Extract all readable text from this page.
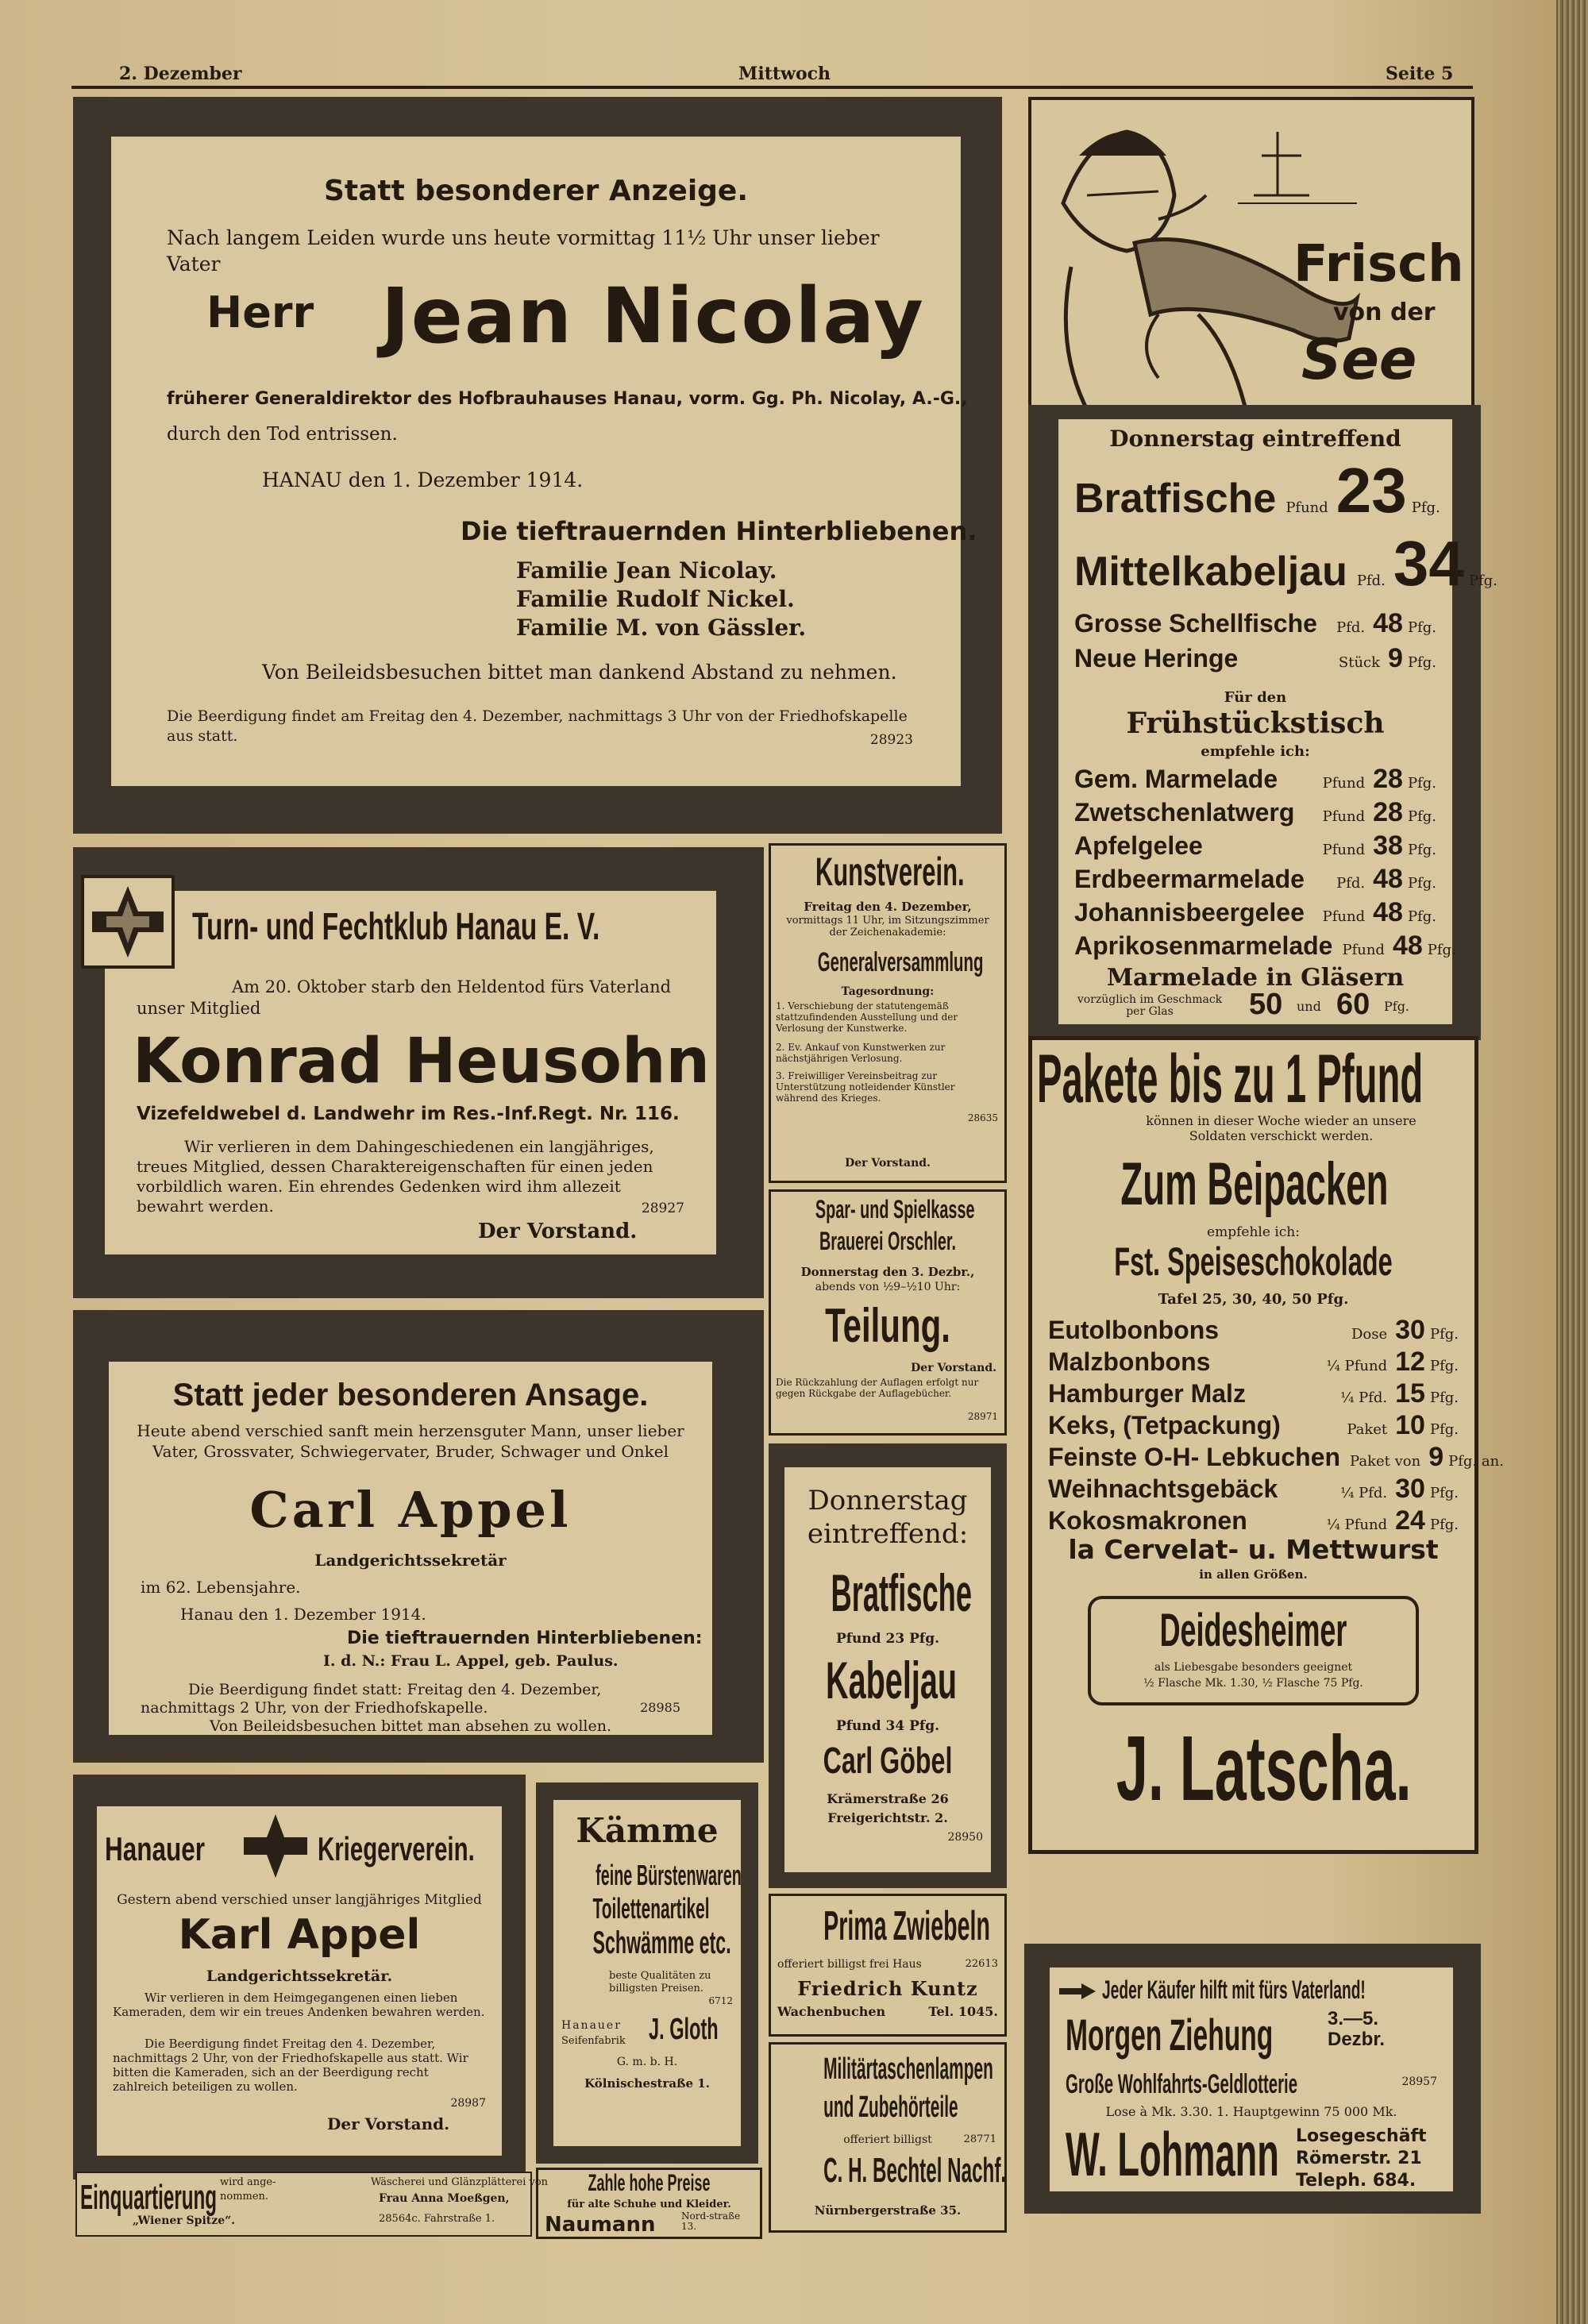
2. Dezember	Mittwoch	Seite 5
Statt besonderer Anzeige.
Nach langem Leiden wurde uns heute vormittag 11½ Uhr unser lieber Vater
Herr Jean Nicolay
früherer Generaldirektor des Hofbrauhauses Hanau, vorm. Gg. Ph. Nicolay, A.-G.,
durch den Tod entrissen.
HANAU den 1. Dezember 1914.
Die tieftrauernden Hinterbliebenen.
Familie Jean Nicolay.
Familie Rudolf Nickel.
Familie M. von Gässler.
Von Beileidsbesuchen bittet man dankend Abstand zu nehmen.
Die Beerdigung findet am Freitag den 4. Dezember, nachmittags 3 Uhr von der Friedhofskapelle aus statt.	28923
Turn- und Fechtklub Hanau E. V.
Am 20. Oktober starb den Heldentod fürs Vaterland unser Mitglied
Konrad Heusohn
Vizefeldwebel d. Landwehr im Res.-Inf.Regt. Nr. 116.
Wir verlieren in dem Dahingeschiedenen ein langjähriges, treues Mitglied, dessen Charaktereigenschaften für einen jeden vorbildlich waren. Ein ehrendes Gedenken wird ihm allezeit bewahrt werden.	28927
Der Vorstand.
Statt jeder besonderen Ansage.
Heute abend verschied sanft mein herzensguter Mann, unser lieber Vater, Grossvater, Schwiegervater, Bruder, Schwager und Onkel
Carl Appel
Landgerichtssekretär
im 62. Lebensjahre.
Hanau den 1. Dezember 1914.
Die tieftrauernden Hinterbliebenen:
I. d. N.: Frau L. Appel, geb. Paulus.
Die Beerdigung findet statt: Freitag den 4. Dezember, nachmittags 2 Uhr, von der Friedhofskapelle.	28985
Von Beileidsbesuchen bittet man absehen zu wollen.
Hanauer	Kriegerverein.
Gestern abend verschied unser langjähriges Mitglied
Karl Appel
Landgerichtssekretär.
Wir verlieren in dem Heimgegangenen einen lieben Kameraden, dem wir ein treues Andenken bewahren werden.
Die Beerdigung findet Freitag den 4. Dezember, nachmittags 2 Uhr, von der Friedhofskapelle aus statt. Wir bitten die Kameraden, sich an der Beerdigung recht zahlreich beteiligen zu wollen.
28987
Der Vorstand.
Kunstverein.
Freitag den 4. Dezember,
vormittags 11 Uhr, im Sitzungszimmer der Zeichenakademie:
Generalversammlung
Tagesordnung:
1. Verschiebung der statutengemäß stattzufindenden Ausstellung und der Verlosung der Kunstwerke.
2. Ev. Ankauf von Kunstwerken zur nächstjährigen Verlosung.
3. Freiwilliger Vereinsbeitrag zur Unterstützung notleidender Künstler während des Krieges.
28635
Der Vorstand.
Spar- und Spielkasse
Brauerei Orschler.
Donnerstag den 3. Dezbr.,
abends von ½9–½10 Uhr:
Teilung.
Der Vorstand.
Die Rückzahlung der Auflagen erfolgt nur gegen Rückgabe der Auflagebücher.
28971
Donnerstag
eintreffend:
Bratfische
Pfund 23 Pfg.
Kabeljau
Pfund 34 Pfg.
Carl Göbel
Krämerstraße 26
Freigerichtstr. 2.
28950
Kämme
feine Bürstenwaren
Toilettenartikel
Schwämme etc.
beste Qualitäten zu billigsten Preisen.
6712
Hanauer
Seifenfabrik J. Gloth
G. m. b. H.
Kölnischestraße 1.
Prima Zwiebeln
offeriert billigst frei Haus	22613
Friedrich Kuntz
Wachenbuchen	Tel. 1045.
Militärtaschenlampen
und Zubehörteile
offeriert billigst	28771
C. H. Bechtel Nachf.
Nürnbergerstraße 35.
Zahle hohe Preise
für alte Schuhe und Kleider.
Naumann	Nord-straße 13.
Einquartierung wird ange-
nommen.
„Wiener Spitze“.
Wäscherei und Glänzplätterei von
Frau Anna Moeßgen,
28564c. Fahrstraße 1.
Frisch
von der
See
Donnerstag eintreffend
Bratfische Pfund 23 Pfg.
Mittelkabeljau Pfd. 34 Pfg.
Grosse Schellfische Pfd. 48 Pfg.
Neue Heringe	Stück 9 Pfg.
Für den
Frühstückstisch
empfehle ich:
Gem. Marmelade	Pfund 28 Pfg.
Zwetschenlatwerg Pfund 28 Pfg.
Apfelgelee	Pfund 38 Pfg.
Erdbeermarmelade Pfd. 48 Pfg.
Johannisbeergelee Pfund 48 Pfg.
Aprikosenmarmelade Pfund 48 Pfg.
Marmelade in Gläsern
vorzüglich im Geschmack per Glas	50 und 60 Pfg.
Pakete bis zu 1 Pfund
können in dieser Woche wieder an unsere Soldaten verschickt werden.
Zum Beipacken
empfehle ich:
Fst. Speiseschokolade
Tafel 25, 30, 40, 50 Pfg.
Eutolbonbons	Dose 30 Pfg.
Malzbonbons	¼ Pfund 12 Pfg.
Hamburger Malz	¼ Pfd. 15 Pfg.
Keks, (Tetpackung)	Paket 10 Pfg.
Feinste O-H- Lebkuchen Paket von 9 Pfg. an.
Weihnachtsgebäck	¼ Pfd. 30 Pfg.
Kokosmakronen	¼ Pfund 24 Pfg.
la Cervelat- u. Mettwurst
in allen Größen.
Deidesheimer
als Liebesgabe besonders geeignet
½ Flasche Mk. 1.30, ½ Flasche 75 Pfg.
J. Latscha.
Jeder Käufer hilft mit fürs Vaterland!
Morgen Ziehung	3.—5. Dezbr.
Große Wohlfahrts-Geldlotterie	28957
Lose à Mk. 3.30. 1. Hauptgewinn 75 000 Mk.
W. Lohmann Losegeschäft
Römerstr. 21
Teleph. 684.
